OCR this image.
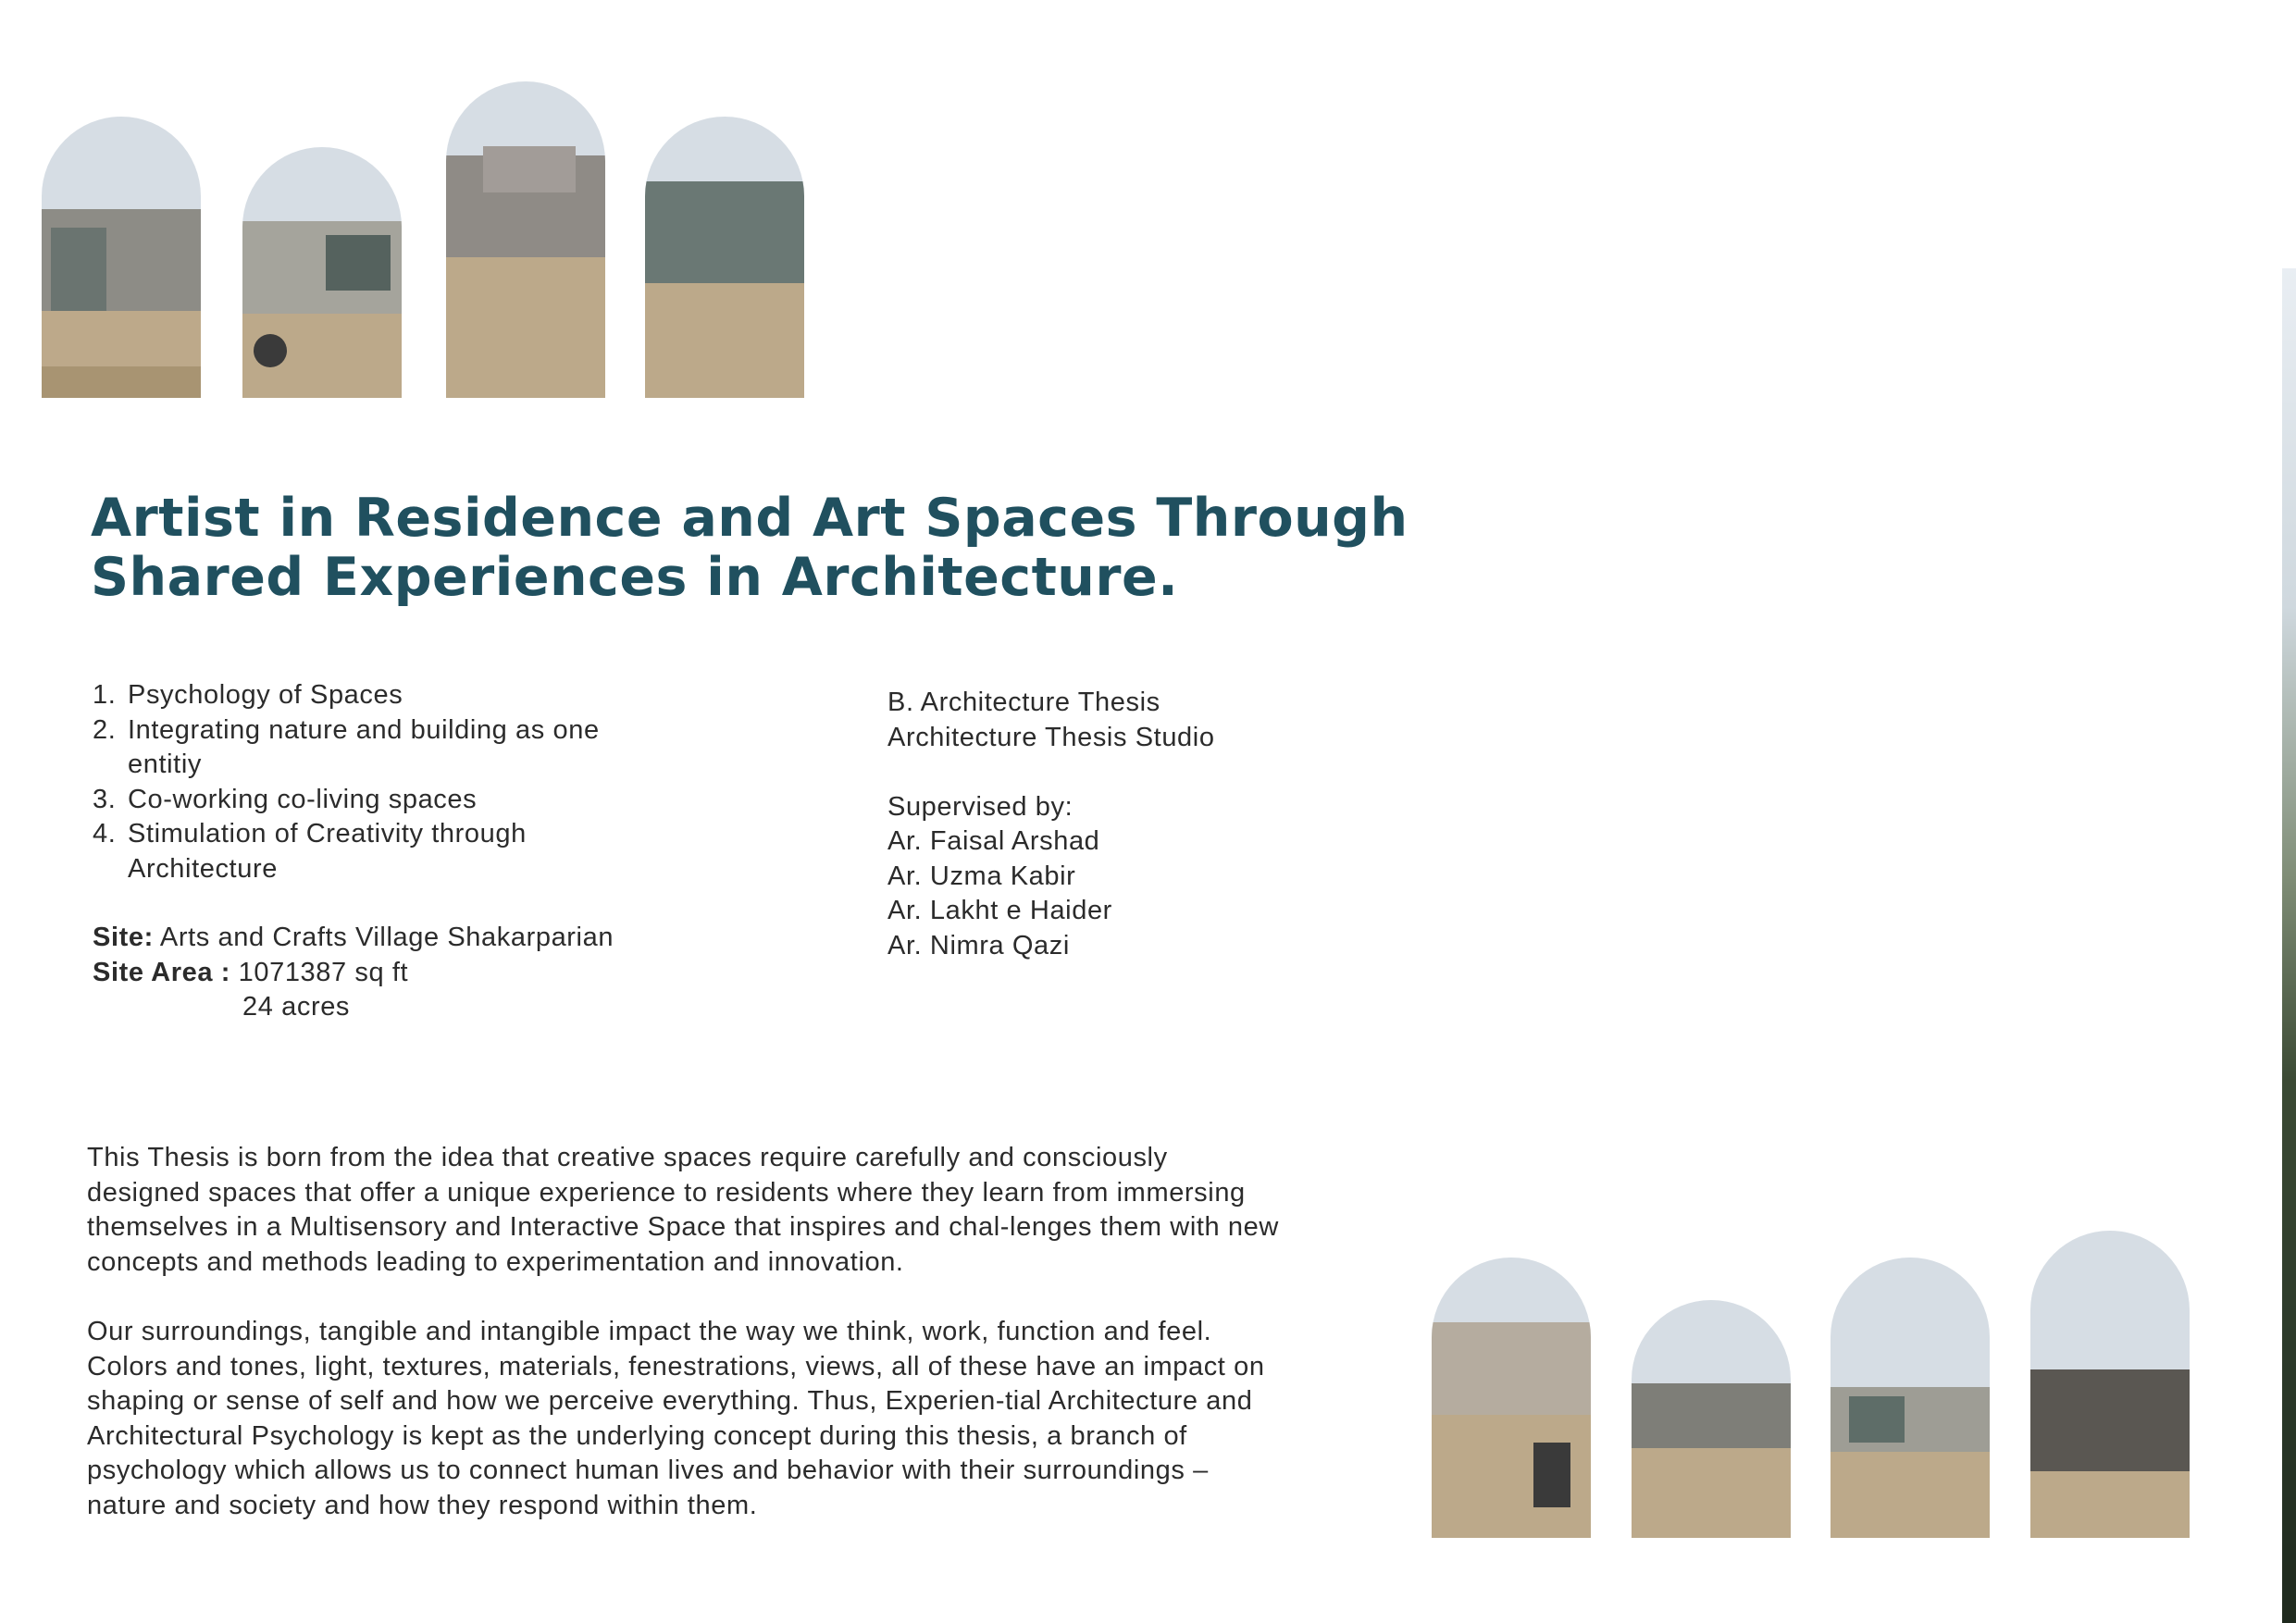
Artist in Residence and Art Spaces Through
Shared Experiences in Architecture.
1. Psychology of Spaces
2. Integrating nature and building as one entitiy
3. Co-working co-living spaces
4. Stimulation of Creativity through Architecture
Site: Arts and Crafts Village Shakarparian
Site Area : 1071387 sq ft
24 acres
B. Architecture Thesis
Architecture Thesis Studio
Supervised by:
Ar. Faisal Arshad
Ar. Uzma Kabir
Ar. Lakht e Haider
Ar. Nimra Qazi

This Thesis is born from the idea that creative spaces require carefully and consciously designed spaces that offer a unique experience to residents where they learn from immersing themselves in a Multisensory and Interactive Space that inspires and chal-lenges them with new concepts and methods leading to experimentation and innovation.

Our surroundings, tangible and intangible impact the way we think, work, function and feel. Colors and tones, light, textures, materials, fenestrations, views, all of these have an impact on shaping or sense of self and how we perceive everything. Thus, Experien-tial Architecture and Architectural Psychology is kept as the underlying concept during this thesis, a branch of psychology which allows us to connect human lives and behavior with their surroundings – nature and society and how they respond within them.
